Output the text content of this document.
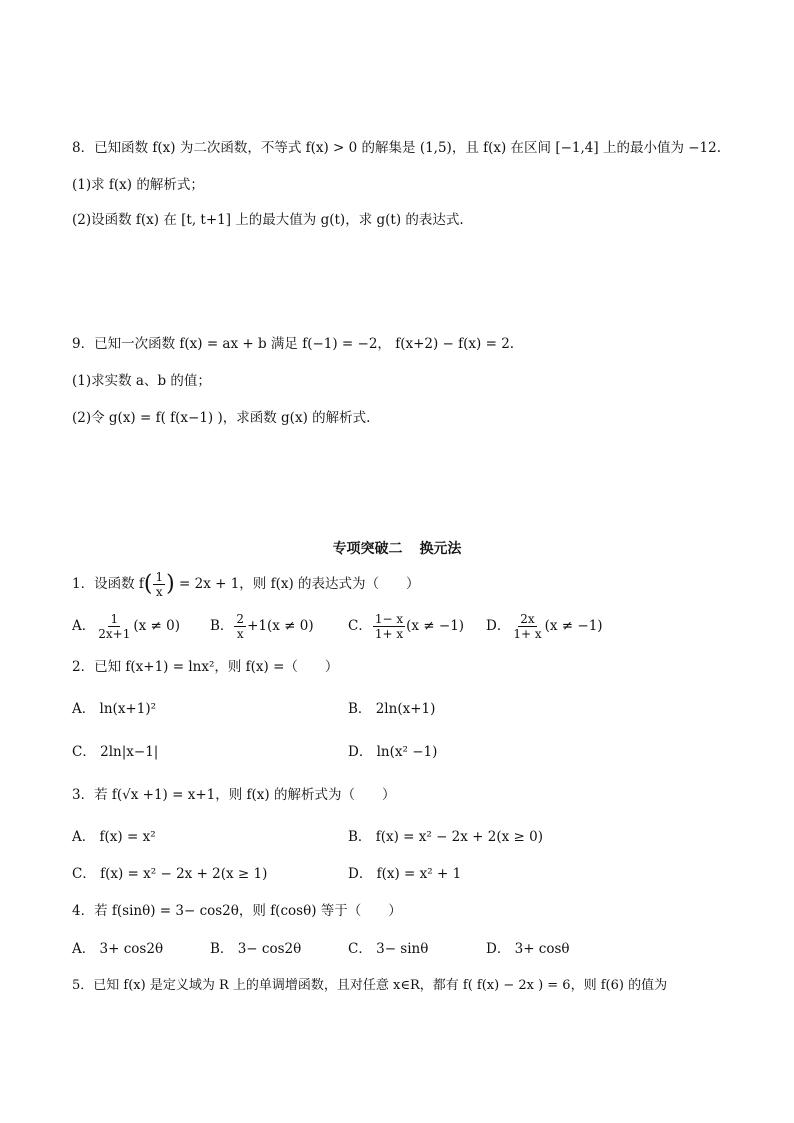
8．已知函数 f(x) 为二次函数，不等式 f(x) > 0 的解集是 (1,5)，且 f(x) 在区间 [−1,4] 上的最小值为 −12.
(1)求 f(x) 的解析式；
(2)设函数 f(x) 在 [t, t+1] 上的最大值为 g(t)，求 g(t) 的表达式.
9．已知一次函数 f(x) = ax + b 满足 f(−1) = −2， f(x+2) − f(x) = 2.
(1)求实数 a、b 的值；
(2)令 g(x) = f( f(x−1) )，求函数 g(x) 的解析式.
专项突破二 换元法
1．设函数 $f( \frac{1}{x}$ ) = 2x + 1，则 f(x) 的表达式为（　　）
A． $\frac{1}{2x+1} (x \ne 0)$ B． $\frac{2}{x} +1(x \ne 0)$	C． $\frac{1- x}{1+ x} (x \ne -1)$ D． $\frac{2x}{1+ x} (x \ne -1)$
2．已知 f(x+1) = lnx²，则 f(x) =（　　）
A． ln(x+1)²	B． 2ln(x+1)
C． 2ln|x−1|	D． ln(x² −1)
3．若 f(√x +1) = x+1，则 f(x) 的解析式为（　　）
A． f(x) = x²	B． f(x) = x² − 2x + 2(x ≥ 0)
C． f(x) = x² − 2x + 2(x ≥ 1)	D． f(x) = x² + 1
4．若 f(sinθ) = 3− cos2θ，则 f(cosθ) 等于（　　）
A． 3+ cos2θ	B． 3− cos2θ	C． 3− sinθ	D． 3+ cosθ
5．已知 f(x) 是定义域为 R 上的单调增函数，且对任意 x∈R，都有 f( f(x) − 2x ) = 6，则 f(6) 的值为
